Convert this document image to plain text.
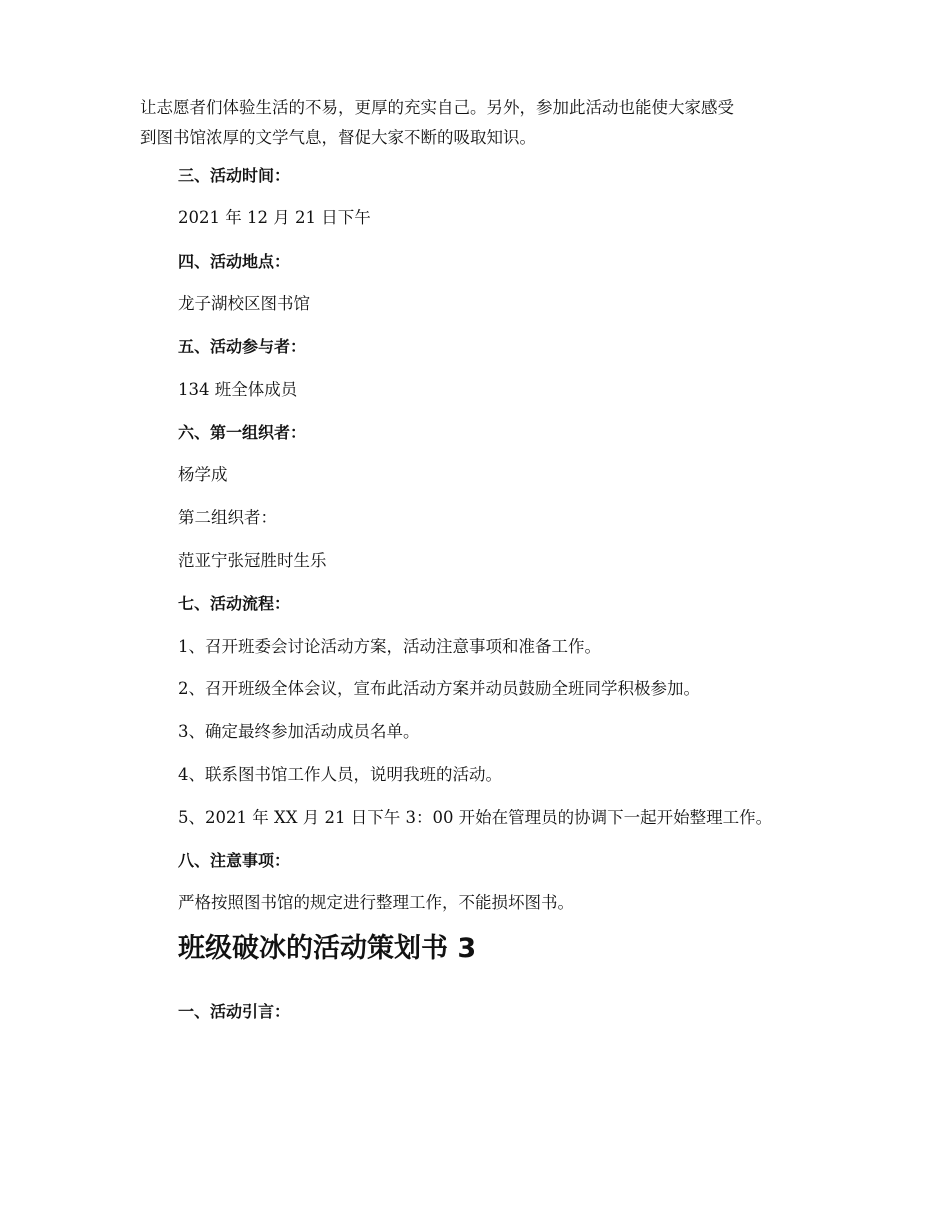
让志愿者们体验生活的不易，更厚的充实自己。另外，参加此活动也能使大家感受
到图书馆浓厚的文学气息，督促大家不断的吸取知识。

三、活动时间：

2021 年 12 月 21 日下午

四、活动地点：

龙子湖校区图书馆

五、活动参与者：

134 班全体成员

六、第一组织者：

杨学成

第二组织者：

范亚宁张冠胜时生乐

七、活动流程：

1、召开班委会讨论活动方案，活动注意事项和准备工作。

2、召开班级全体会议，宣布此活动方案并动员鼓励全班同学积极参加。

3、确定最终参加活动成员名单。

4、联系图书馆工作人员，说明我班的活动。

5、2021 年 XX 月 21 日下午 3：00 开始在管理员的协调下一起开始整理工作。

八、注意事项：

严格按照图书馆的规定进行整理工作，不能损坏图书。

班级破冰的活动策划书 3

一、活动引言：
